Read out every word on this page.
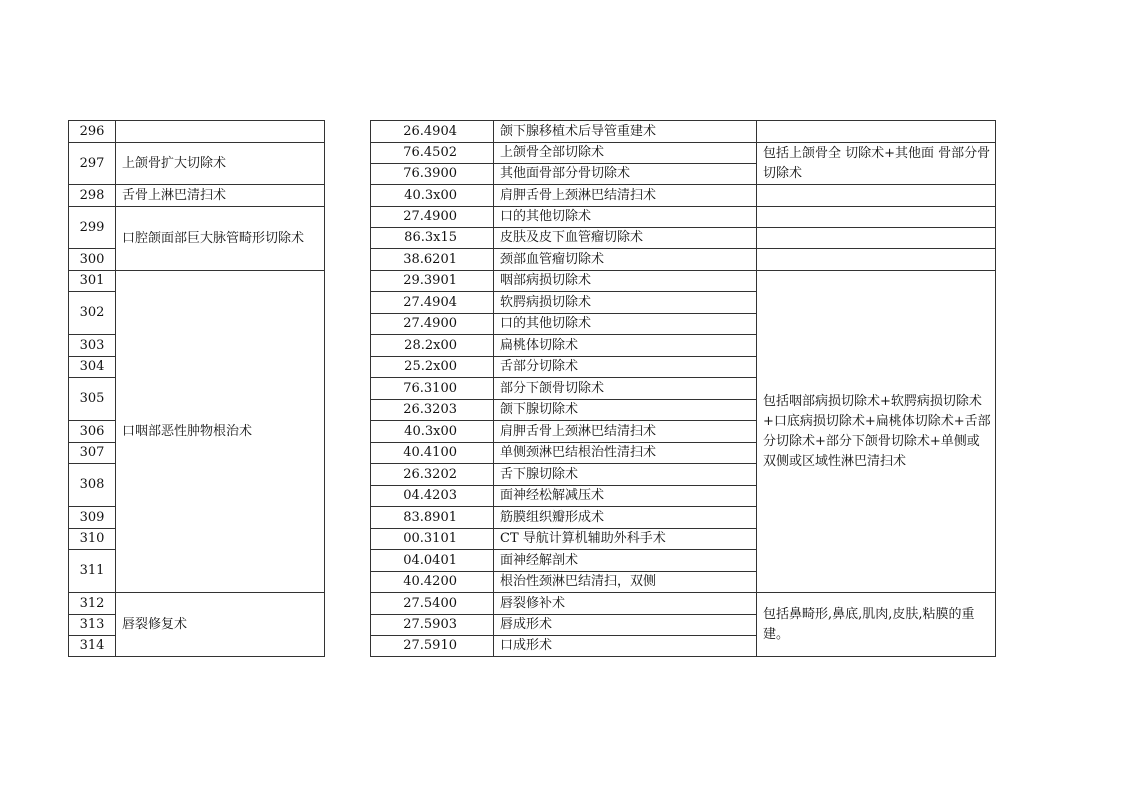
296	
297	上颌骨扩大切除术
298	舌骨上淋巴清扫术
299	口腔颌面部巨大脉管畸形切除术
300	
301	口咽部恶性肿物根治术
302	
303	
304	
305	
306	
307	
308	
309	
310	
311	
312	唇裂修复术
313	
314	
26.4904	颌下腺移植术后导管重建术	
76.4502	上颌骨全部切除术	包括上颌骨全 切除术+其他面 骨部分骨切除术
76.3900	其他面骨部分骨切除术	
40.3x00	肩胛舌骨上颈淋巴结清扫术	
27.4900	口的其他切除术	
86.3x15	皮肤及皮下血管瘤切除术	
38.6201	颈部血管瘤切除术	
29.3901	咽部病损切除术	包括咽部病损切除术+软腭病损切除术+口底病损切除术+扁桃体切除术+舌部分切除术+部分下颌骨切除术+单侧或双侧或区域性淋巴清扫术
27.4904	软腭病损切除术	
27.4900	口的其他切除术	
28.2x00	扁桃体切除术	
25.2x00	舌部分切除术	
76.3100	部分下颌骨切除术	
26.3203	颌下腺切除术	
40.3x00	肩胛舌骨上颈淋巴结清扫术	
40.4100	单侧颈淋巴结根治性清扫术	
26.3202	舌下腺切除术	
04.4203	面神经松解减压术	
83.8901	筋膜组织瓣形成术	
00.3101	CT 导航计算机辅助外科手术	
04.0401	面神经解剖术	
40.4200	根治性颈淋巴结清扫，双侧	
27.5400	唇裂修补术	包括鼻畸形,鼻底,肌肉,皮肤,粘膜的重建。
27.5903	唇成形术	
27.5910	口成形术	
